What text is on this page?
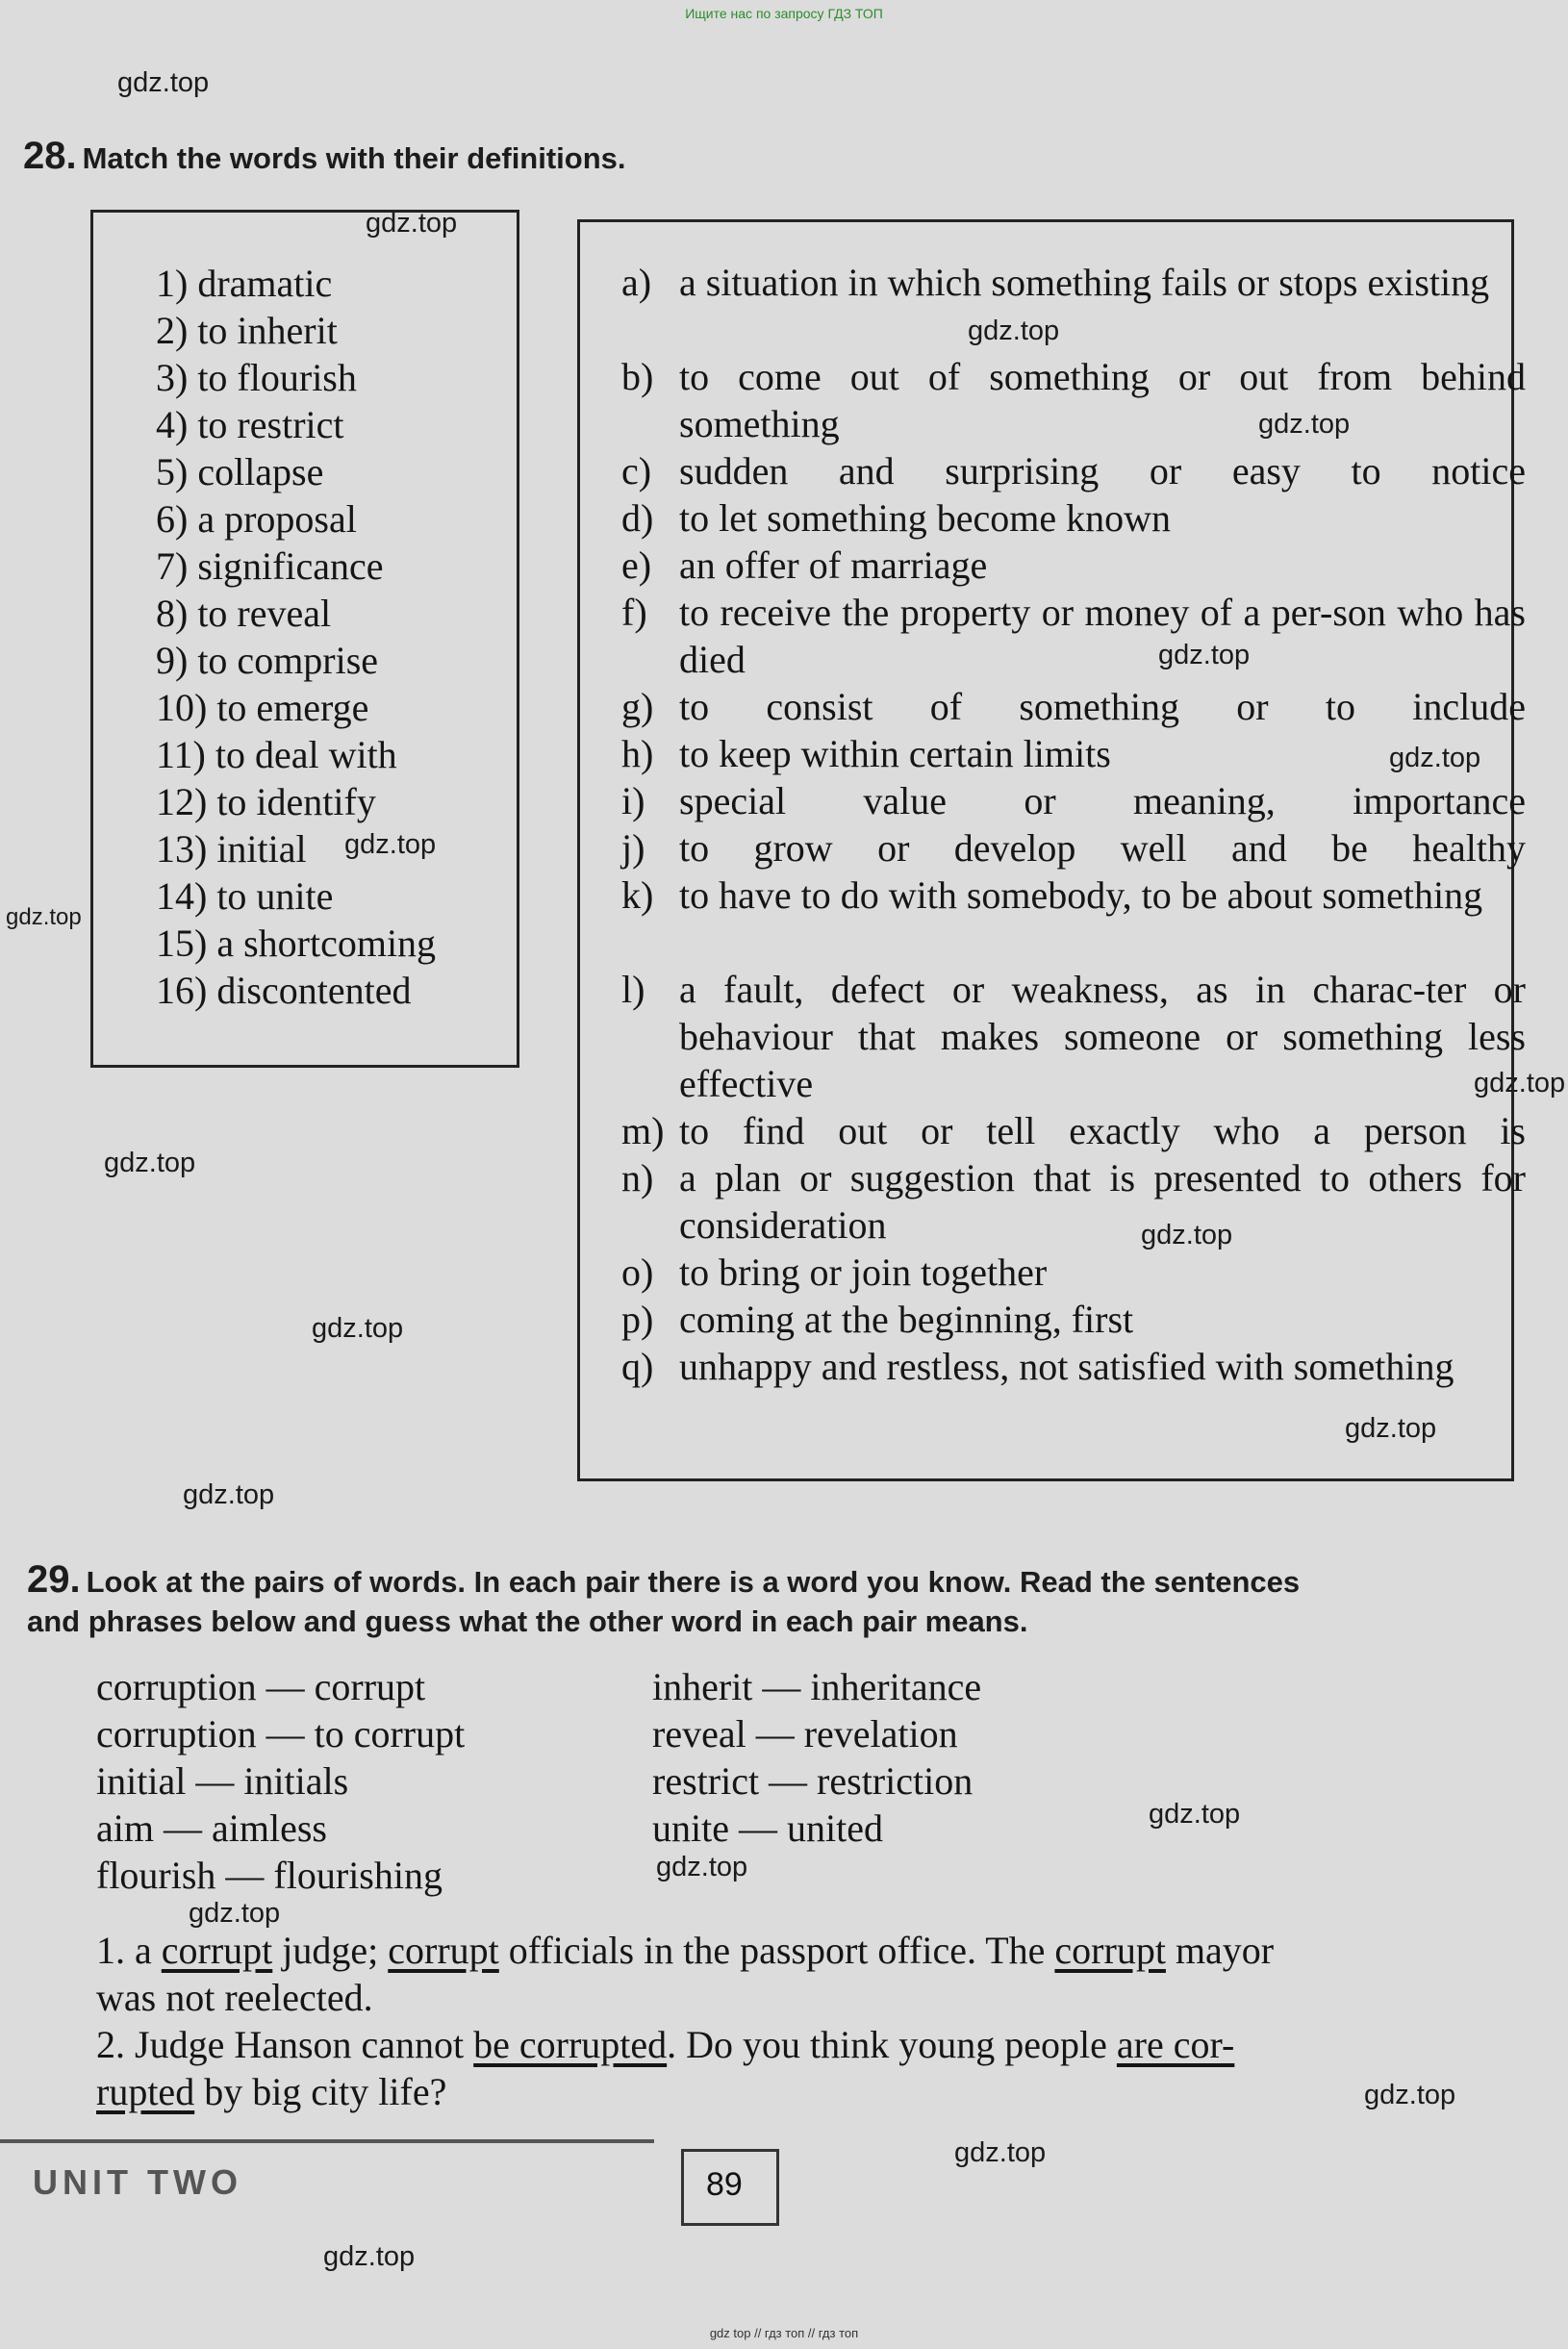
Ищите нас по запросу ГДЗ ТОП
gdz.top
gdz.top
gdz.top
gdz.top
gdz.top
gdz.top
gdz.top
gdz.top
gdz.top
gdz.top
gdz.top
gdz.top
gdz.top
gdz.top
gdz.top
gdz.top
gdz.top
gdz.top
gdz.top
gdz.top
28. Match the words with their definitions.
1) dramatic
2) to inherit
3) to flourish
4) to restrict
5) collapse
6) a proposal
7) significance
8) to reveal
9) to comprise
10) to emerge
11) to deal with
12) to identify
13) initial
14) to unite
15) a shortcoming
16) discontented
a) a situation in which something fails or stops existing
b) to come out of something or out from behind something
c) sudden and surprising or easy to notice
d) to let something become known
e) an offer of marriage
f) to receive the property or money of a per-son who has died
g) to consist of something or to include
h) to keep within certain limits
i) special value or meaning, importance
j) to grow or develop well and be healthy
k) to have to do with somebody, to be about something
l) a fault, defect or weakness, as in charac-ter or behaviour that makes someone or something less effective
m) to find out or tell exactly who a person is
n) a plan or suggestion that is presented to others for consideration
o) to bring or join together
p) coming at the beginning, first
q) unhappy and restless, not satisfied with something
29. Look at the pairs of words. In each pair there is a word you know. Read the sentences
and phrases below and guess what the other word in each pair means.
corruption — corrupt
corruption — to corrupt
initial — initials
aim — aimless
flourish — flourishing
inherit — inheritance
reveal — revelation
restrict — restriction
unite — united
1. a corrupt judge; corrupt officials in the passport office. The corrupt mayor
was not reelected.
2. Judge Hanson cannot be corrupted. Do you think young people are cor-
rupted by big city life?
UNIT TWO	89
gdz top // гдз топ // гдз топ
